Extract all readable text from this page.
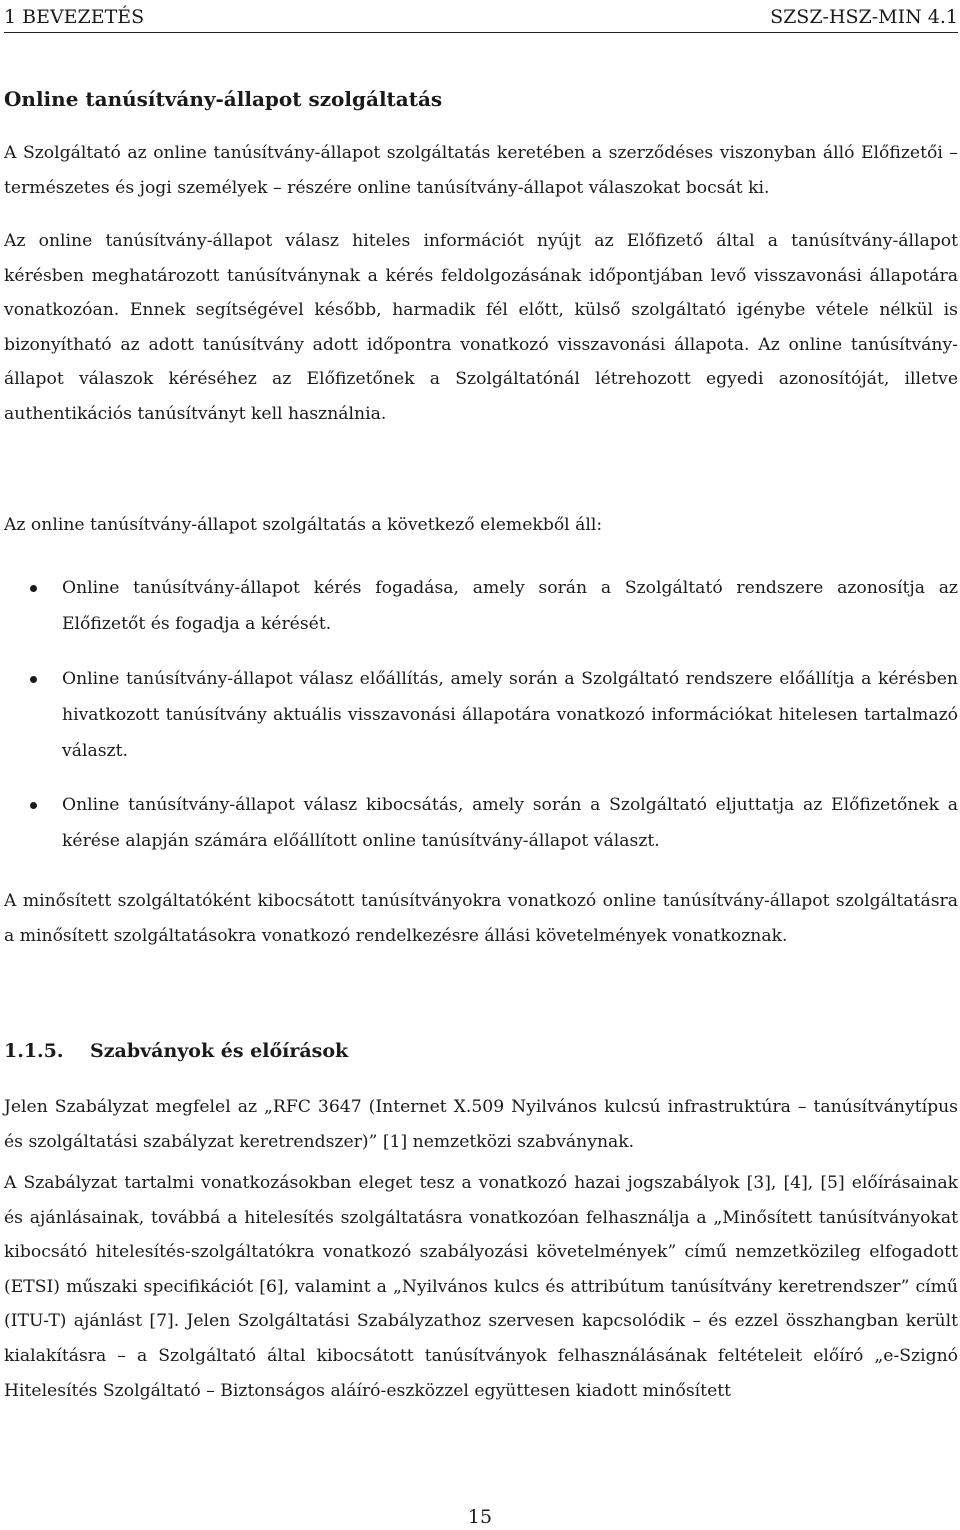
1 BEVEZETÉS	SZSZ-HSZ-MIN 4.1
Online tanúsítvány-állapot szolgáltatás

A Szolgáltató az online tanúsítvány-állapot szolgáltatás keretében a szerződéses viszonyban álló Előfizetői – természetes és jogi személyek – részére online tanúsítvány-állapot válaszokat bocsát ki.

Az online tanúsítvány-állapot válasz hiteles információt nyújt az Előfizető által a tanúsítvány-állapot kérésben meghatározott tanúsítványnak a kérés feldolgozásának időpontjában levő visszavonási állapotára vonatkozóan. Ennek segítségével később, harmadik fél előtt, külső szolgáltató igénybe vétele nélkül is bizonyítható az adott tanúsítvány adott időpontra vonatkozó visszavonási állapota. Az online tanúsítvány-állapot válaszok kéréséhez az Előfizetőnek a Szolgáltatónál létrehozott egyedi azonosítóját, illetve authentikációs tanúsítványt kell használnia.

Az online tanúsítvány-állapot szolgáltatás a következő elemekből áll:

Online tanúsítvány-állapot kérés fogadása, amely során a Szolgáltató rendszere azonosítja az Előfizetőt és fogadja a kérését.
Online tanúsítvány-állapot válasz előállítás, amely során a Szolgáltató rendszere előállítja a kérésben hivatkozott tanúsítvány aktuális visszavonási állapotára vonatkozó információkat hitelesen tartalmazó választ.
Online tanúsítvány-állapot válasz kibocsátás, amely során a Szolgáltató eljuttatja az Előfizetőnek a kérése alapján számára előállított online tanúsítvány-állapot választ.

A minősített szolgáltatóként kibocsátott tanúsítványokra vonatkozó online tanúsítvány-állapot szolgáltatásra a minősített szolgáltatásokra vonatkozó rendelkezésre állási követelmények vonatkoznak.

1.1.5. Szabványok és előírások

Jelen Szabályzat megfelel az „RFC 3647 (Internet X.509 Nyilvános kulcsú infrastruktúra – tanúsítványtípus és szolgáltatási szabályzat keretrendszer)” [1] nemzetközi szabványnak.

A Szabályzat tartalmi vonatkozásokban eleget tesz a vonatkozó hazai jogszabályok [3], [4], [5] előírásainak és ajánlásainak, továbbá a hitelesítés szolgáltatásra vonatkozóan felhasználja a „Minősített tanúsítványokat kibocsátó hitelesítés-szolgáltatókra vonatkozó szabályozási követelmények” című nemzetközileg elfogadott (ETSI) műszaki specifikációt [6], valamint a „Nyilvános kulcs és attribútum tanúsítvány keretrendszer” című (ITU-T) ajánlást [7]. Jelen Szolgáltatási Szabályzathoz szervesen kapcsolódik – és ezzel összhangban került kialakításra – a Szolgáltató által kibocsátott tanúsítványok felhasználásának feltételeit előíró „e-Szignó Hitelesítés Szolgáltató – Biztonságos aláíró-eszközzel együttesen kiadott minősített

15
